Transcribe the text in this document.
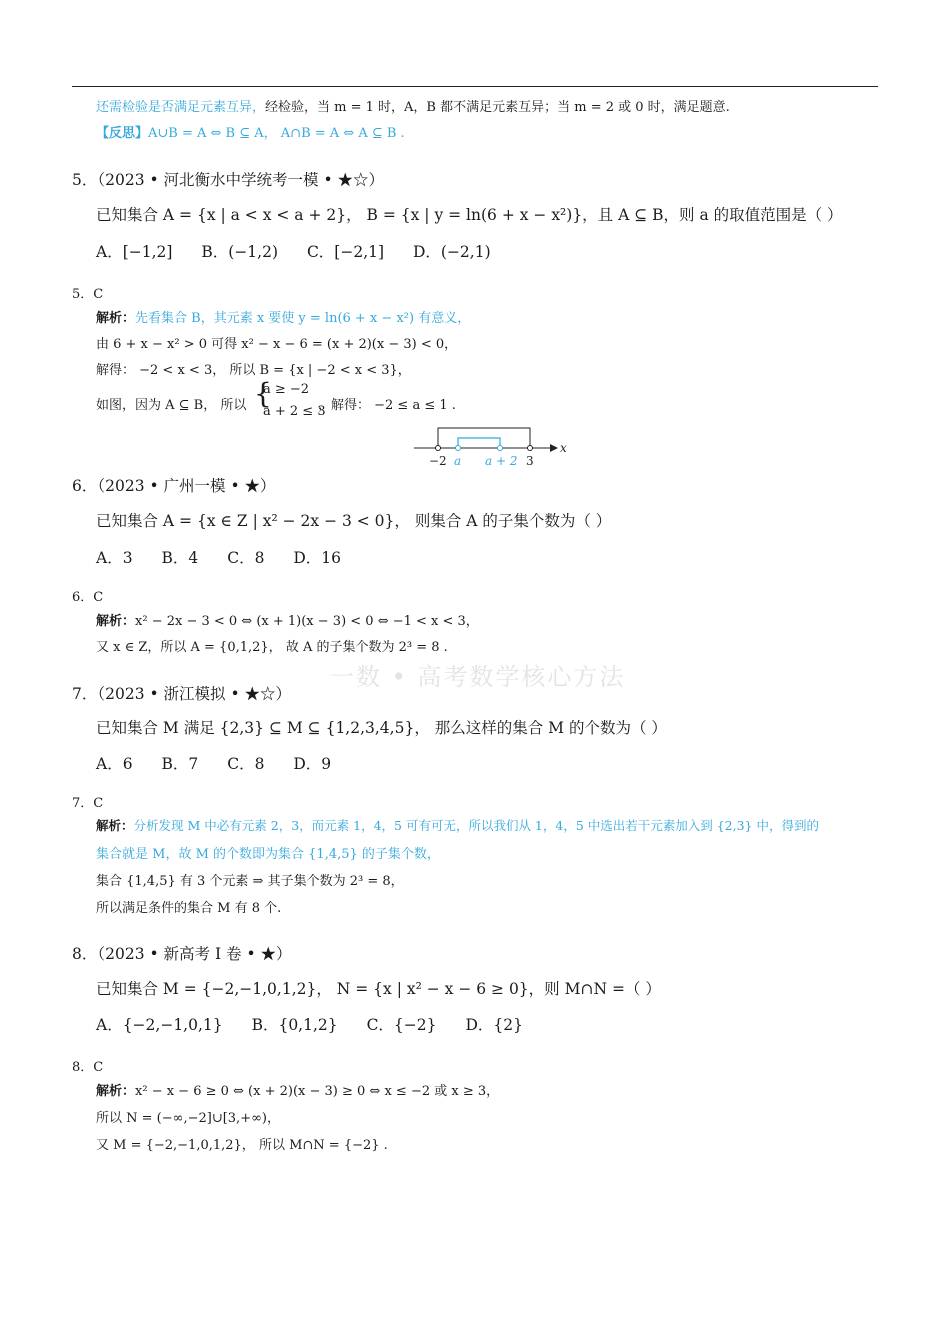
还需检验是否满足元素互异，经检验，当 m = 1 时，A，B 都不满足元素互异；当 m = 2 或 0 时，满足题意.
【反思】A∪B = A ⇔ B ⊆ A， A∩B = A ⇔ A ⊆ B .
5．（2023 • 河北衡水中学统考一模 • ★☆）
已知集合 A = {x | a < x < a + 2}， B = {x | y = ln(6 + x − x²)}，且 A ⊆ B，则 a 的取值范围是（ ）
A．[−1,2] B．(−1,2) C．[−2,1] D．(−2,1)
5．C
解析：先看集合 B，其元素 x 要使 y = ln(6 + x − x²) 有意义，
由 6 + x − x² > 0 可得 x² − x − 6 = (x + 2)(x − 3) < 0，
解得： −2 < x < 3， 所以 B = {x | −2 < x < 3}，
如图，因为 A ⊆ B， 所以 {
a ≥ −2
a + 2 ≤ 3
，解得： −2 ≤ a ≤ 1 .
−2 a a + 2 3
x
6．（2023 • 广州一模 • ★）
已知集合 A = {x ∈ Z | x² − 2x − 3 < 0}， 则集合 A 的子集个数为（ ）
A．3 B．4 C．8 D．16
6．C
解析：x² − 2x − 3 < 0 ⇔ (x + 1)(x − 3) < 0 ⇔ −1 < x < 3，
又 x ∈ Z，所以 A = {0,1,2}， 故 A 的子集个数为 2³ = 8 .
一数 • 高考数学核心方法
7．（2023 • 浙江模拟 • ★☆）
已知集合 M 满足 {2,3} ⊆ M ⊆ {1,2,3,4,5}， 那么这样的集合 M 的个数为（ ）
A．6 B．7 C．8 D．9
7．C
解析：分析发现 M 中必有元素 2，3，而元素 1，4，5 可有可无，所以我们从 1，4，5 中选出若干元素加入到 {2,3} 中，得到的
集合就是 M，故 M 的个数即为集合 {1,4,5} 的子集个数，
集合 {1,4,5} 有 3 个元素 ⇒ 其子集个数为 2³ = 8，
所以满足条件的集合 M 有 8 个.
8．（2023 • 新高考 Ⅰ 卷 • ★）
已知集合 M = {−2,−1,0,1,2}， N = {x | x² − x − 6 ≥ 0}，则 M∩N =（ ）
A．{−2,−1,0,1} B．{0,1,2} C．{−2} D．{2}
8．C
解析：x² − x − 6 ≥ 0 ⇔ (x + 2)(x − 3) ≥ 0 ⇔ x ≤ −2 或 x ≥ 3，
所以 N = (−∞,−2]∪[3,+∞)，
又 M = {−2,−1,0,1,2}， 所以 M∩N = {−2} .
